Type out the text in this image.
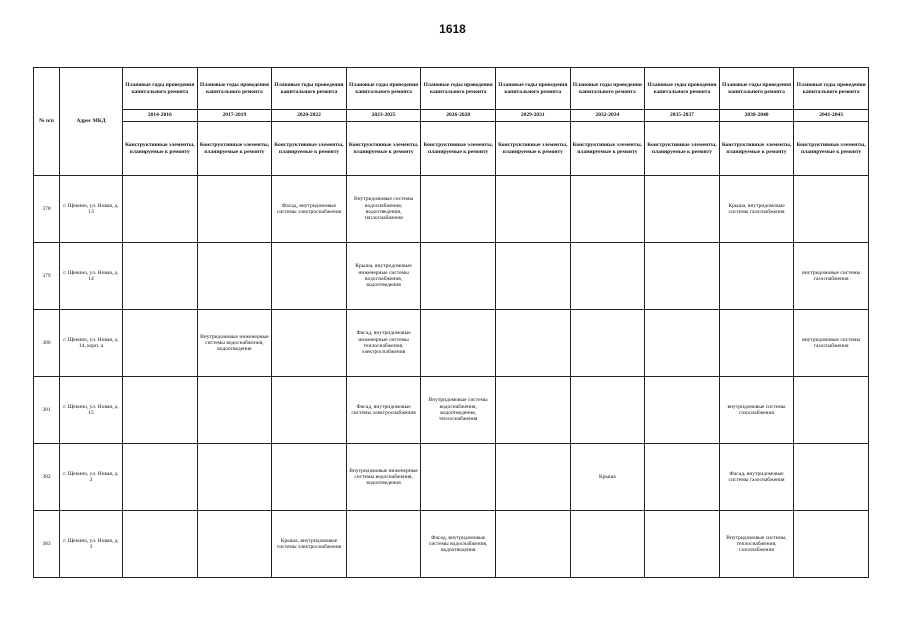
1618
№ п/п	Адрес МКД	Плановые годы проведения капитального ремонта	Плановые годы проведения капитального ремонта	Плановые годы проведения капитального ремонта	Плановые годы проведения капитального ремонта	Плановые годы проведения капитального ремонта	Плановые годы проведения капитального ремонта	Плановые годы проведения капитального ремонта	Плановые годы проведения капитального ремонта	Плановые годы проведения капитального ремонта	Плановые годы проведения капитального ремонта
		2014-2016	2017-2019	2020-2022	2023-2025	2026-2028	2029-2031	2032-2034	2035-2037	2038-2040	2041-2043
		Конструктивные элементы, планируемые к ремонту	Конструктивные элементы, планируемые к ремонту	Конструктивные элементы, планируемые к ремонту	Конструктивные элементы, планируемые к ремонту	Конструктивные элементы, планируемые к ремонту	Конструктивные элементы, планируемые к ремонту	Конструктивные элементы, планируемые к ремонту	Конструктивные элементы, планируемые к ремонту	Конструктивные элементы, планируемые к ремонту	Конструктивные элементы, планируемые к ремонту
378	г. Щекино, ул. Новая, д. 13			Фасад, внутридомовые системы электроснабжения	Внутридомовые системы водоснабжения, водоотведения, теплоснабжения					Крыша, внутридомовые системы газоснабжения	
379	г. Щекино, ул. Новая, д. 14				Крыша, внутридомовые инженерные системы водоснабжения, водоотведения						внутридомовые системы газоснабжения
380	г. Щекино, ул. Новая, д. 14, корп. а		Внутридомовые инженерные системы водоснабжения, водоотведения		Фасад, внутридомовые инженерные системы теплоснабжения, электроснабжения						внутридомовые системы газоснабжения
381	г. Щекино, ул. Новая, д. 15				Фасад, внутридомовые системы электроснабжения	Внутридомовые системы водоснабжения, водоотведения, теплоснабжения				внутридомовые системы газоснабжения	
382	г. Щекино, ул. Новая, д. 2				Внутридомовые инженерные системы водоснабжения, водоотведения			Крыша		Фасад, внутридомовые системы газоснабжения	
383	г. Щекино, ул. Новая, д. 3			Крыша, внутридомовые системы электроснабжения		Фасад, внутридомовые системы водоснабжения, водоотведения				Внутридомовые системы, теплоснабжения, газоснабжения	
